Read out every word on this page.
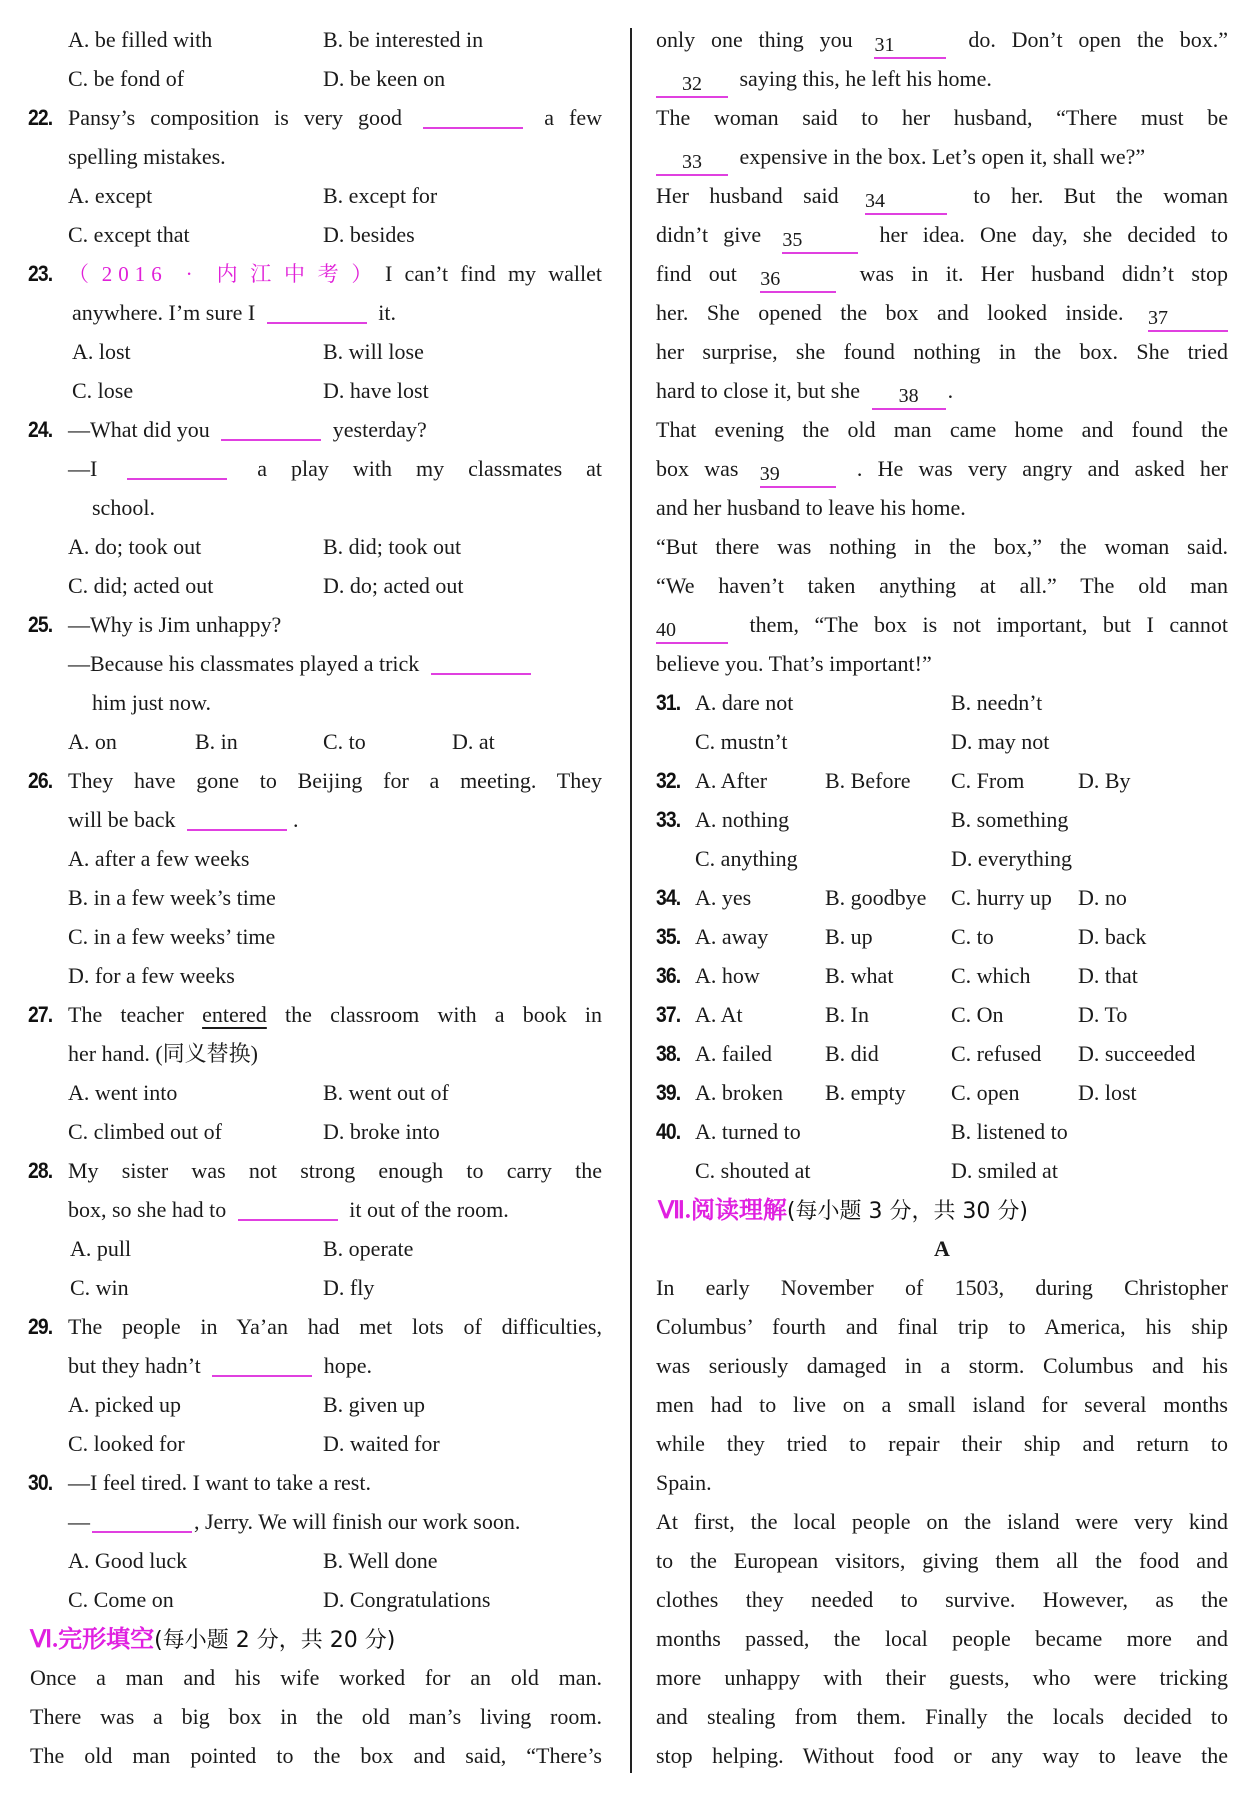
A. be filled with	B. be interested in
C. be fond of	D. be keen on
22. Pansy’s composition is very good	a few
spelling mistakes.
A. except	B. except for
C. except that	D. besides
23. （2016 · 内江中考）I can’t find my wallet
anywhere. I’m sure I	it.
A. lost	B. will lose
C. lose	D. have lost
24. —What did you	yesterday?
—I	a play with my classmates at
school.
A. do; took out	B. did; took out
C. did; acted out	D. do; acted out
25. —Why is Jim unhappy?
—Because his classmates played a trick
him just now.
A. on	B. in	C. to	D. at
26. They have gone to Beijing for a meeting. They
will be back	.
A. after a few weeks
B. in a few week’s time
C. in a few weeks’ time
D. for a few weeks
27. The teacher entered the classroom with a book in
her hand. (同义替换)
A. went into	B. went out of
C. climbed out of	D. broke into
28. My sister was not strong enough to carry the
box, so she had to	it out of the room.
A. pull	B. operate
C. win	D. fly
29. The people in Ya’an had met lots of difficulties,
but they hadn’t	hope.
A. picked up	B. given up
C. looked for	D. waited for
30. —I feel tired. I want to take a rest.
—	, Jerry. We will finish our work soon.
A. Good luck	B. Well done
C. Come on	D. Congratulations
Ⅵ.完形填空(每小题 2 分，共 20 分)
Once a man and his wife worked for an old man.
There was a big box in the old man’s living room.
The old man pointed to the box and said, “There’s
only one thing you 31	do. Don’t open the box.”
32 saying this, he left his home.
The woman said to her husband, “There must be
33 expensive in the box. Let’s open it, shall we?”
Her husband said 34	to her. But the woman
didn’t give 35	her idea. One day, she decided to
find out 36	was in it. Her husband didn’t stop
her. She opened the box and looked inside. 37
her surprise, she found nothing in the box. She tried
hard to close it, but she 38 .
That evening the old man came home and found the
box was 39	. He was very angry and asked her
and her husband to leave his home.
“But there was nothing in the box,” the woman said.
“We haven’t taken anything at all.” The old man
40	them, “The box is not important, but I cannot
believe you. That’s important!”
31. A. dare not	B. needn’t
C. mustn’t	D. may not
32. A. After	B. Before C. From D. By
33. A. nothing	B. something
C. anything	D. everything
34. A. yes	B. goodbye C. hurry up D. no
35. A. away	B. up	C. to	D. back
36. A. how	B. what	C. which D. that
37. A. At	B. In	C. On	D. To
38. A. failed B. did	C. refused D. succeeded
39. A. broken B. empty C. open	D. lost
40. A. turned to	B. listened to
C. shouted at	D. smiled at
Ⅶ.阅读理解(每小题 3 分，共 30 分)
A
In early November of 1503, during Christopher
Columbus’ fourth and final trip to America, his ship
was seriously damaged in a storm. Columbus and his
men had to live on a small island for several months
while they tried to repair their ship and return to
Spain.
At first, the local people on the island were very kind
to the European visitors, giving them all the food and
clothes they needed to survive. However, as the
months passed, the local people became more and
more unhappy with their guests, who were tricking
and stealing from them. Finally the locals decided to
stop helping. Without food or any way to leave the
